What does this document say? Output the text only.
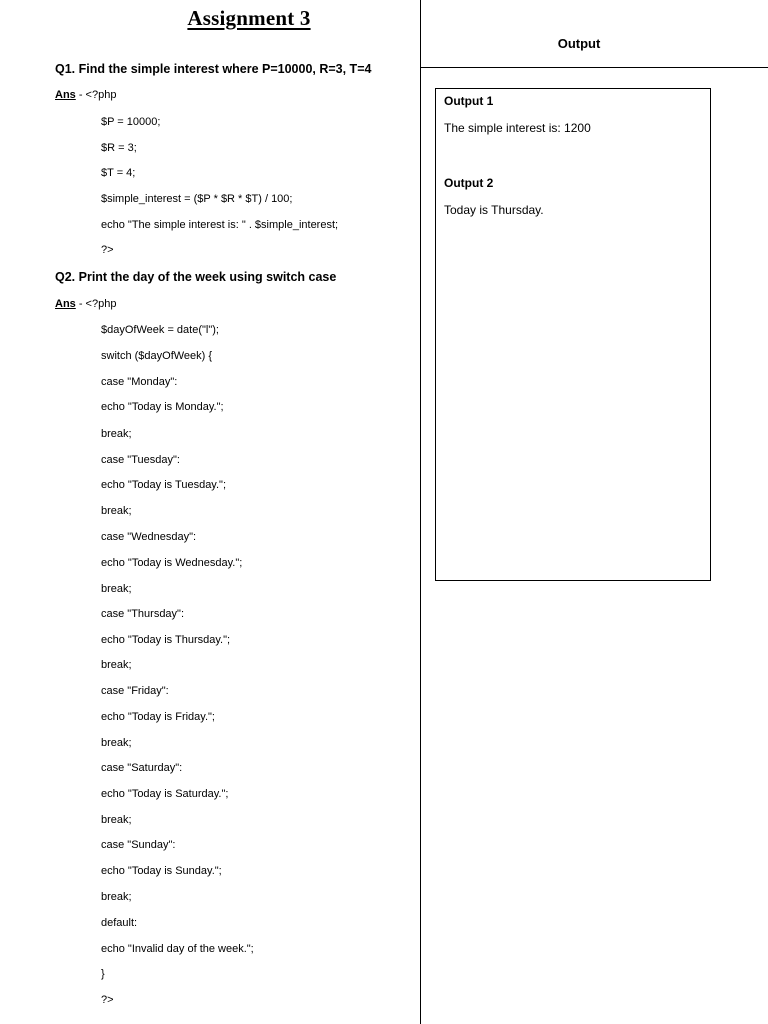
Assignment 3
Output
Q1. Find the simple interest where P=10000, R=3, T=4
Ans - <?php
$P = 10000;
$R = 3;
$T = 4;
$simple_interest = ($P * $R * $T) / 100;
echo "The simple interest is: " . $simple_interest;
?>
Q2. Print the day of the week using switch case
Ans - <?php
$dayOfWeek = date("l");
switch ($dayOfWeek) {
case "Monday":
echo "Today is Monday.";
break;
case "Tuesday":
echo "Today is Tuesday.";
break;
case "Wednesday":
echo "Today is Wednesday.";
break;
case "Thursday":
echo "Today is Thursday.";
break;
case "Friday":
echo "Today is Friday.";
break;
case "Saturday":
echo "Today is Saturday.";
break;
case "Sunday":
echo "Today is Sunday.";
break;
default:
echo "Invalid day of the week.";
}
?>
Output 1
The simple interest is: 1200
Output 2
Today is Thursday.
